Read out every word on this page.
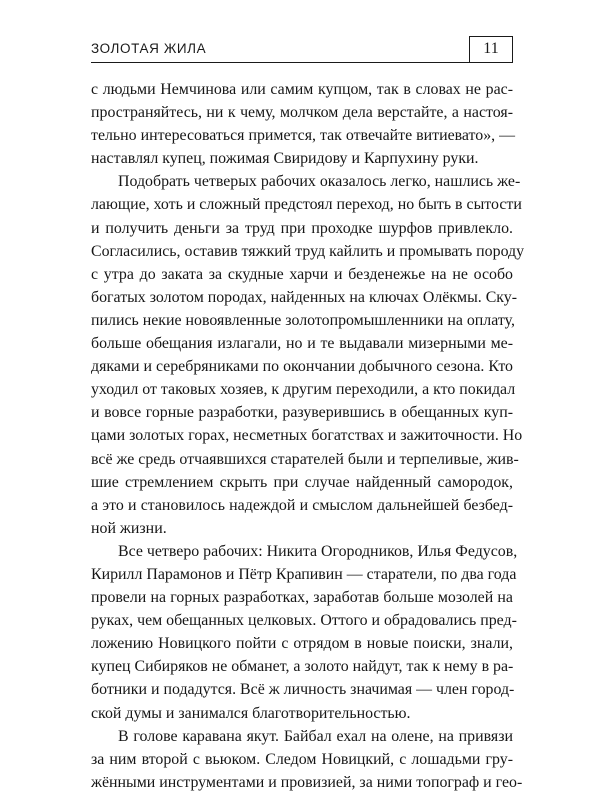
ЗОЛОТАЯ ЖИЛА	11
с людьми Немчинова или самим купцом, так в словах не рас-
пространяйтесь, ни к чему, молчком дела верстайте, а настоя-
тельно интересоваться примется, так отвечайте витиевато», —
наставлял купец, пожимая Свиридову и Карпухину руки.
Подобрать четверых рабочих оказалось легко, нашлись же-
лающие, хоть и сложный предстоял переход, но быть в сытости
и получить деньги за труд при проходке шурфов привлекло.
Согласились, оставив тяжкий труд кайлить и промывать породу
с утра до заката за скудные харчи и безденежье на не особо
богатых золотом породах, найденных на ключах Олёкмы. Ску-
пились некие новоявленные золотопромышленники на оплату,
больше обещания излагали, но и те выдавали мизерными ме-
дяками и серебряниками по окончании добычного сезона. Кто
уходил от таковых хозяев, к другим переходили, а кто покидал
и вовсе горные разработки, разуверившись в обещанных куп-
цами золотых горах, несметных богатствах и зажиточности. Но
всё же средь отчаявшихся старателей были и терпеливые, жив-
шие стремлением скрыть при случае найденный самородок,
а это и становилось надеждой и смыслом дальнейшей безбед-
ной жизни.
Все четверо рабочих: Никита Огородников, Илья Федусов,
Кирилл Парамонов и Пётр Крапивин — старатели, по два года
провели на горных разработках, заработав больше мозолей на
руках, чем обещанных целковых. Оттого и обрадовались пред-
ложению Новицкого пойти с отрядом в новые поиски, знали,
купец Сибиряков не обманет, а золото найдут, так к нему в ра-
ботники и подадутся. Всё ж личность значимая — член город-
ской думы и занимался благотворительностью.
В голове каравана якут. Байбал ехал на олене, на привязи
за ним второй с вьюком. Следом Новицкий, с лошадьми гру-
жёнными инструментами и провизией, за ними топограф и гео-
